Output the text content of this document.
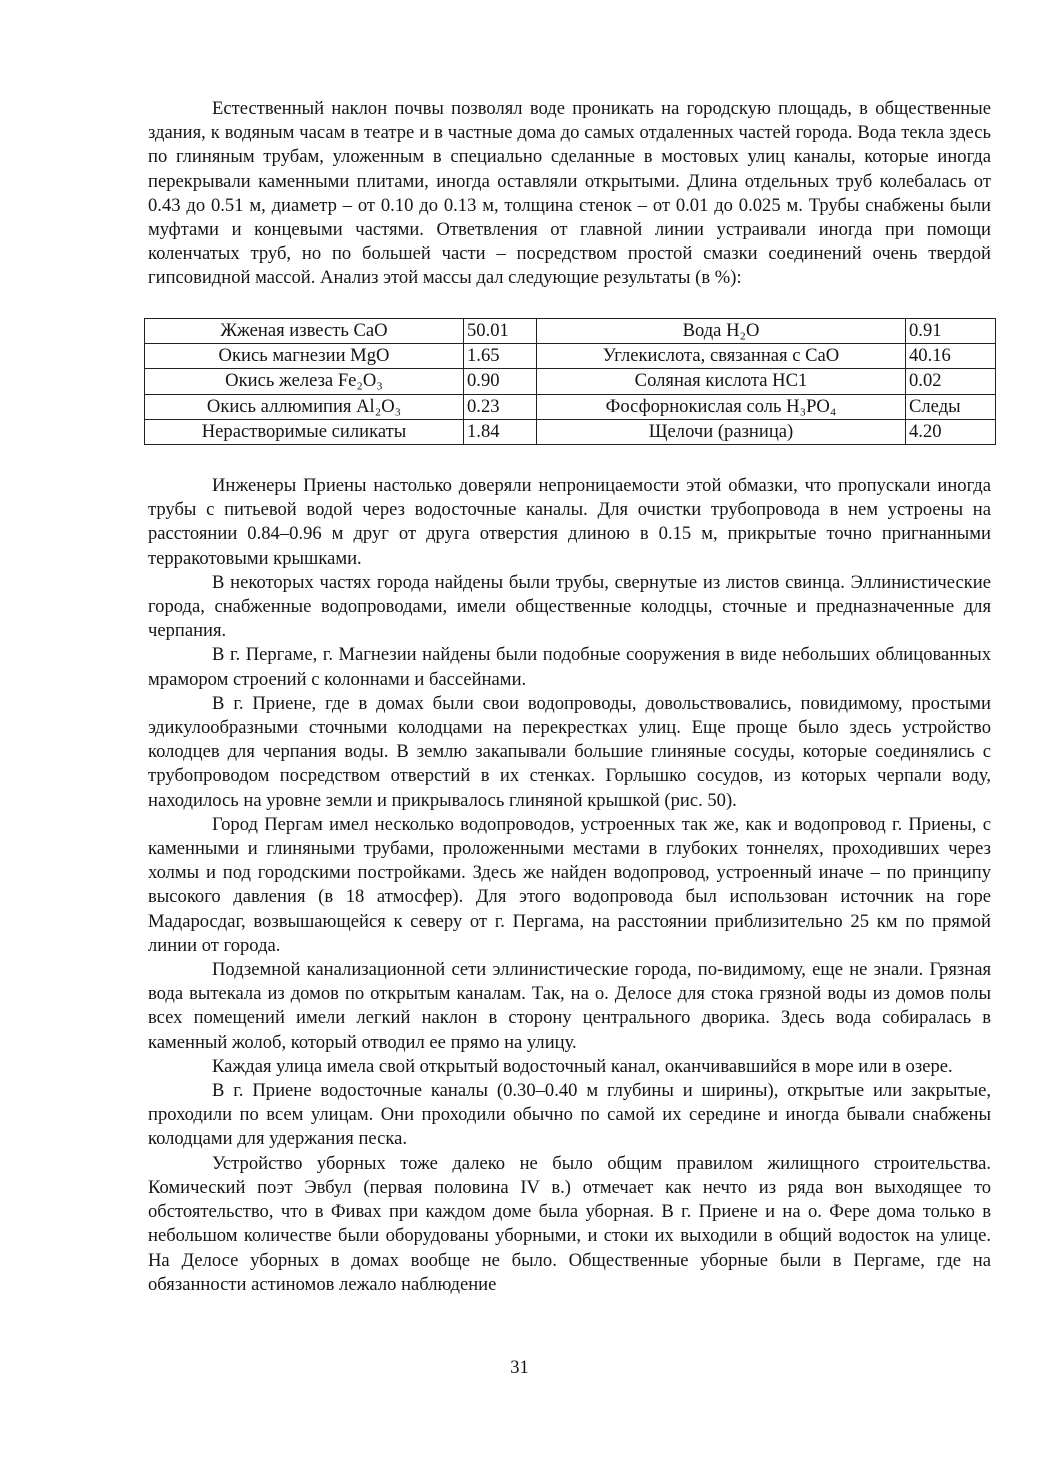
Естественный наклон почвы позволял воде проникать на городскую площадь, в общественные здания, к водяным часам в театре и в частные дома до самых отдаленных частей города. Вода текла здесь по глиняным трубам, уложенным в специально сделанные в мостовых улиц каналы, которые иногда перекрывали каменными плитами, иногда оставляли открытыми. Длина отдельных труб колебалась от 0.43 до 0.51 м, диаметр – от 0.10 до 0.13 м, толщина стенок – от 0.01 до 0.025 м. Трубы снабжены были муфтами и концевыми частями. Ответвления от главной линии устраивали иногда при помощи коленчатых труб, но по большей части – посредством простой смазки соединений очень твердой гипсовидной массой. Анализ этой массы дал следующие результаты (в %):

Жженая известь CaO	50.01	Вода H₂O	0.91
Окись магнезии MgO	1.65	Углекислота, связанная с CaO	40.16
Окись железа Fe₂O₃	0.90	Соляная кислота HC1	0.02
Окись аллюмипия Al₂O₃	0.23	Фосфорнокислая соль H₃PO₄	Следы
Нерастворимые силикаты	1.84	Щелочи (разница)	4.20

Инженеры Приены настолько доверяли непроницаемости этой обмазки, что пропускали иногда трубы с питьевой водой через водосточные каналы. Для очистки трубопровода в нем устроены на расстоянии 0.84–0.96 м друг от друга отверстия длиною в 0.15 м, прикрытые точно пригнанными терракотовыми крышками.

В некоторых частях города найдены были трубы, свернутые из листов свинца. Эллинистические города, снабженные водопроводами, имели общественные колодцы, сточные и предназначенные для черпания.

В г. Пергаме, г. Магнезии найдены были подобные сооружения в виде небольших облицованных мрамором строений с колоннами и бассейнами.

В г. Приене, где в домах были свои водопроводы, довольствовались, повидимому, простыми эдикулообразными сточными колодцами на перекрестках улиц. Еще проще было здесь устройство колодцев для черпания воды. В землю закапывали большие глиняные сосуды, которые соединялись с трубопроводом посредством отверстий в их стенках. Горлышко сосудов, из которых черпали воду, находилось на уровне земли и прикрывалось глиняной крышкой (рис. 50).

Город Пергам имел несколько водопроводов, устроенных так же, как и водопровод г. Приены, с каменными и глиняными трубами, проложенными местами в глубоких тоннелях, проходивших через холмы и под городскими постройками. Здесь же найден водопровод, устроенный иначе – по принципу высокого давления (в 18 атмосфер). Для этого водопровода был использован источник на горе Мадаросдаг, возвышающейся к северу от г. Пергама, на расстоянии приблизительно 25 км по прямой линии от города.

Подземной канализационной сети эллинистические города, по-видимому, еще не знали. Грязная вода вытекала из домов по открытым каналам. Так, на о. Делосе для стока грязной воды из домов полы всех помещений имели легкий наклон в сторону центрального дворика. Здесь вода собиралась в каменный жолоб, который отводил ее прямо на улицу.

Каждая улица имела свой открытый водосточный канал, оканчивавшийся в море или в озере.

В г. Приене водосточные каналы (0.30–0.40 м глубины и ширины), открытые или закрытые, проходили по всем улицам. Они проходили обычно по самой их середине и иногда бывали снабжены колодцами для удержания песка.

Устройство уборных тоже далеко не было общим правилом жилищного строительства. Комический поэт Эвбул (первая половина IV в.) отмечает как нечто из ряда вон выходящее то обстоятельство, что в Фивах при каждом доме была уборная. В г. Приене и на о. Фере дома только в небольшом количестве были оборудованы уборными, и стоки их выходили в общий водосток на улице. На Делосе уборных в домах вообще не было. Общественные уборные были в Пергаме, где на обязанности астиномов лежало наблюдение

31
